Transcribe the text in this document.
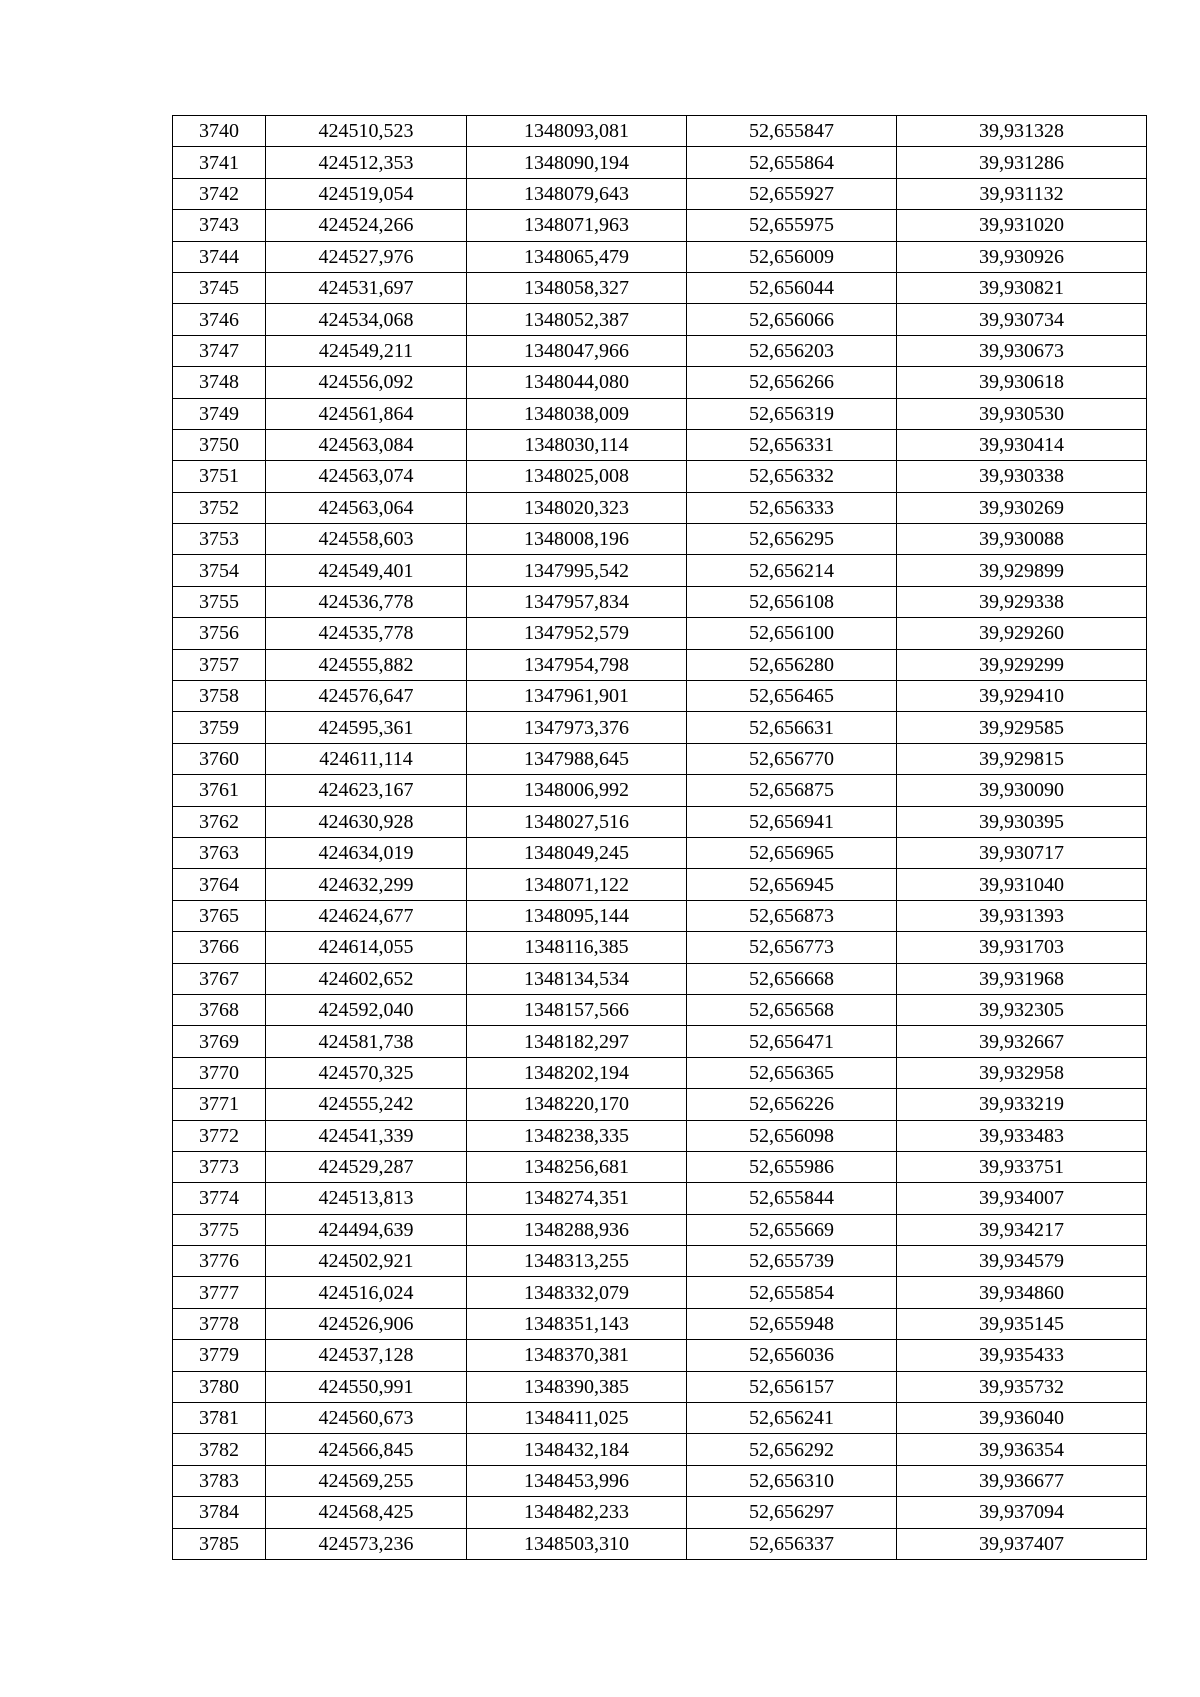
3740	424510,523	1348093,081	52,655847	39,931328
3741	424512,353	1348090,194	52,655864	39,931286
3742	424519,054	1348079,643	52,655927	39,931132
3743	424524,266	1348071,963	52,655975	39,931020
3744	424527,976	1348065,479	52,656009	39,930926
3745	424531,697	1348058,327	52,656044	39,930821
3746	424534,068	1348052,387	52,656066	39,930734
3747	424549,211	1348047,966	52,656203	39,930673
3748	424556,092	1348044,080	52,656266	39,930618
3749	424561,864	1348038,009	52,656319	39,930530
3750	424563,084	1348030,114	52,656331	39,930414
3751	424563,074	1348025,008	52,656332	39,930338
3752	424563,064	1348020,323	52,656333	39,930269
3753	424558,603	1348008,196	52,656295	39,930088
3754	424549,401	1347995,542	52,656214	39,929899
3755	424536,778	1347957,834	52,656108	39,929338
3756	424535,778	1347952,579	52,656100	39,929260
3757	424555,882	1347954,798	52,656280	39,929299
3758	424576,647	1347961,901	52,656465	39,929410
3759	424595,361	1347973,376	52,656631	39,929585
3760	424611,114	1347988,645	52,656770	39,929815
3761	424623,167	1348006,992	52,656875	39,930090
3762	424630,928	1348027,516	52,656941	39,930395
3763	424634,019	1348049,245	52,656965	39,930717
3764	424632,299	1348071,122	52,656945	39,931040
3765	424624,677	1348095,144	52,656873	39,931393
3766	424614,055	1348116,385	52,656773	39,931703
3767	424602,652	1348134,534	52,656668	39,931968
3768	424592,040	1348157,566	52,656568	39,932305
3769	424581,738	1348182,297	52,656471	39,932667
3770	424570,325	1348202,194	52,656365	39,932958
3771	424555,242	1348220,170	52,656226	39,933219
3772	424541,339	1348238,335	52,656098	39,933483
3773	424529,287	1348256,681	52,655986	39,933751
3774	424513,813	1348274,351	52,655844	39,934007
3775	424494,639	1348288,936	52,655669	39,934217
3776	424502,921	1348313,255	52,655739	39,934579
3777	424516,024	1348332,079	52,655854	39,934860
3778	424526,906	1348351,143	52,655948	39,935145
3779	424537,128	1348370,381	52,656036	39,935433
3780	424550,991	1348390,385	52,656157	39,935732
3781	424560,673	1348411,025	52,656241	39,936040
3782	424566,845	1348432,184	52,656292	39,936354
3783	424569,255	1348453,996	52,656310	39,936677
3784	424568,425	1348482,233	52,656297	39,937094
3785	424573,236	1348503,310	52,656337	39,937407
